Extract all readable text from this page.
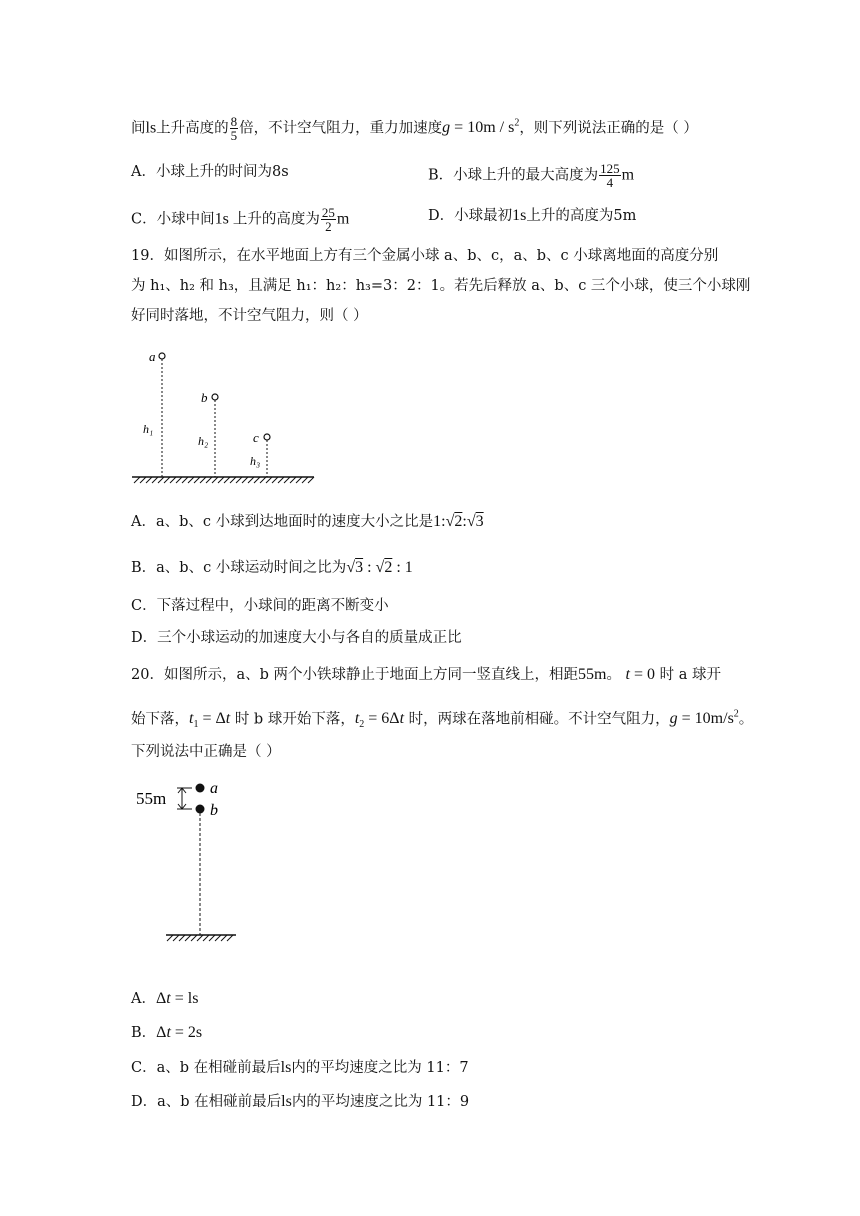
间ls上升高度的 $\frac{8}{5}$ 倍，不计空气阻力，重力加速度$g = 10m / s^2$，则下列说法正确的是（ ）
A．小球上升的时间为8s	B．小球上升的最大高度为 $\frac{125}{4}$ m
C．小球中间1s 上升的高度为 $\frac{25}{2}$ m	D．小球最初1s上升的高度为5m
19．如图所示，在水平地面上方有三个金属小球 a、b、c，a、b、c 小球离地面的高度分别
为 h₁、h₂ 和 h₃，且满足 h₁：h₂：h₃=3：2：1。若先后释放 a、b、c 三个小球，使三个小球刚
好同时落地，不计空气阻力，则（ ）
a
h₁
b
h₂	c
h₃
A．a、b、c 小球到达地面时的速度大小之比是1:√2:√3
B．a、b、c 小球运动时间之比为√3 : √2 : 1
C．下落过程中，小球间的距离不断变小
D．三个小球运动的加速度大小与各自的质量成正比
20．如图所示，a、b 两个小铁球静止于地面上方同一竖直线上，相距55m。 t = 0 时 a 球开
始下落，$t_1 = \Delta t$ 时 b 球开始下落，$t_2 = 6\Delta t$ 时，两球在落地前相碰。不计空气阻力，$g = 10m/s^2$。
下列说法中正确是（ ）
55m
a
b
A．Δt = ls
B．Δt = 2s
C．a、b 在相碰前最后ls内的平均速度之比为 11：7
D．a、b 在相碰前最后ls内的平均速度之比为 11：9
